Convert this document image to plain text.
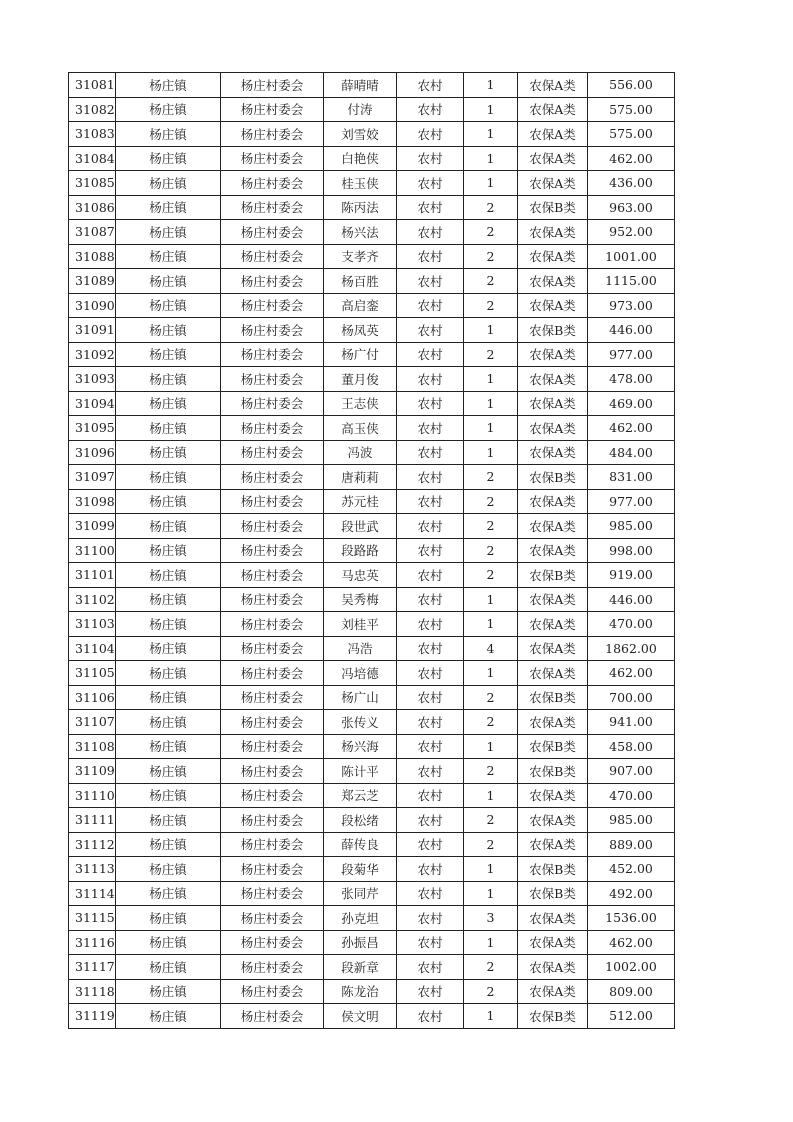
31081	杨庄镇	杨庄村委会	薛晴晴	农村	1	农保A类	556.00
31082	杨庄镇	杨庄村委会	付涛	农村	1	农保A类	575.00
31083	杨庄镇	杨庄村委会	刘雪姣	农村	1	农保A类	575.00
31084	杨庄镇	杨庄村委会	白艳侠	农村	1	农保A类	462.00
31085	杨庄镇	杨庄村委会	桂玉侠	农村	1	农保A类	436.00
31086	杨庄镇	杨庄村委会	陈丙法	农村	2	农保B类	963.00
31087	杨庄镇	杨庄村委会	杨兴法	农村	2	农保A类	952.00
31088	杨庄镇	杨庄村委会	支孝齐	农村	2	农保A类	1001.00
31089	杨庄镇	杨庄村委会	杨百胜	农村	2	农保A类	1115.00
31090	杨庄镇	杨庄村委会	高启銮	农村	2	农保A类	973.00
31091	杨庄镇	杨庄村委会	杨凤英	农村	1	农保B类	446.00
31092	杨庄镇	杨庄村委会	杨广付	农村	2	农保A类	977.00
31093	杨庄镇	杨庄村委会	董月俊	农村	1	农保A类	478.00
31094	杨庄镇	杨庄村委会	王志侠	农村	1	农保A类	469.00
31095	杨庄镇	杨庄村委会	高玉侠	农村	1	农保A类	462.00
31096	杨庄镇	杨庄村委会	冯波	农村	1	农保A类	484.00
31097	杨庄镇	杨庄村委会	唐莉莉	农村	2	农保B类	831.00
31098	杨庄镇	杨庄村委会	苏元桂	农村	2	农保A类	977.00
31099	杨庄镇	杨庄村委会	段世武	农村	2	农保A类	985.00
31100	杨庄镇	杨庄村委会	段路路	农村	2	农保A类	998.00
31101	杨庄镇	杨庄村委会	马忠英	农村	2	农保B类	919.00
31102	杨庄镇	杨庄村委会	吴秀梅	农村	1	农保A类	446.00
31103	杨庄镇	杨庄村委会	刘桂平	农村	1	农保A类	470.00
31104	杨庄镇	杨庄村委会	冯浩	农村	4	农保A类	1862.00
31105	杨庄镇	杨庄村委会	冯培德	农村	1	农保A类	462.00
31106	杨庄镇	杨庄村委会	杨广山	农村	2	农保B类	700.00
31107	杨庄镇	杨庄村委会	张传义	农村	2	农保A类	941.00
31108	杨庄镇	杨庄村委会	杨兴海	农村	1	农保B类	458.00
31109	杨庄镇	杨庄村委会	陈计平	农村	2	农保B类	907.00
31110	杨庄镇	杨庄村委会	郑云芝	农村	1	农保A类	470.00
31111	杨庄镇	杨庄村委会	段松绪	农村	2	农保A类	985.00
31112	杨庄镇	杨庄村委会	薛传良	农村	2	农保A类	889.00
31113	杨庄镇	杨庄村委会	段菊华	农村	1	农保B类	452.00
31114	杨庄镇	杨庄村委会	张同芹	农村	1	农保B类	492.00
31115	杨庄镇	杨庄村委会	孙克坦	农村	3	农保A类	1536.00
31116	杨庄镇	杨庄村委会	孙振昌	农村	1	农保A类	462.00
31117	杨庄镇	杨庄村委会	段新章	农村	2	农保A类	1002.00
31118	杨庄镇	杨庄村委会	陈龙治	农村	2	农保A类	809.00
31119	杨庄镇	杨庄村委会	侯文明	农村	1	农保B类	512.00
